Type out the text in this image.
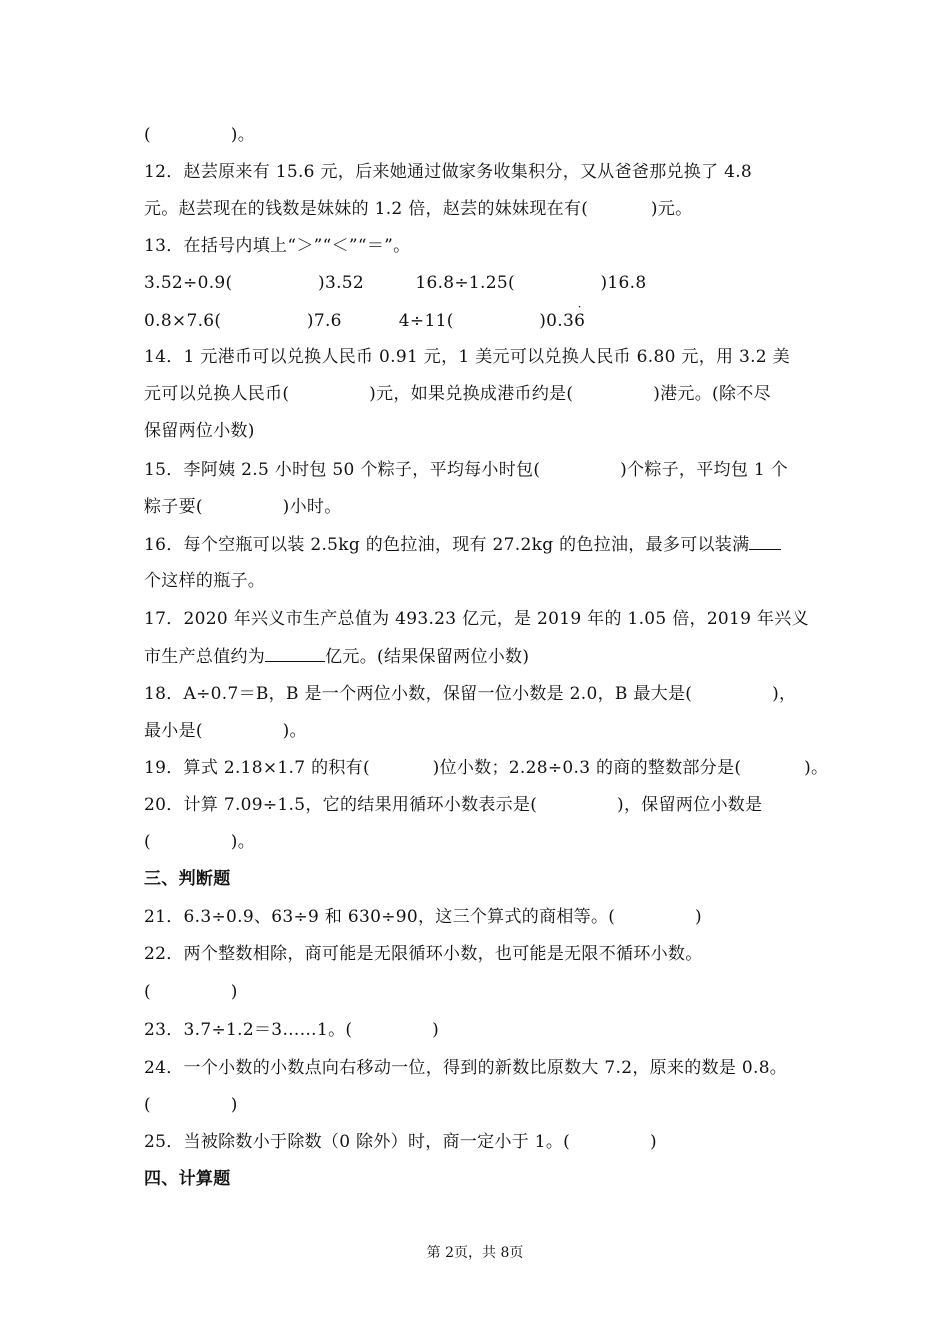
(              )。
12．赵芸原来有 15.6 元，后来她通过做家务收集积分，又从爸爸那兑换了 4.8
元。赵芸现在的钱数是妹妹的 1.2 倍，赵芸的妹妹现在有(           )元。
13．在括号内填上“＞”“＜”“＝”。
3.52÷0.9(               )3.52         16.8÷1.25(               )16.8
0.8×7.6(               )7.6          4÷11(               )0.3
·
6
14．1 元港币可以兑换人民币 0.91 元，1 美元可以兑换人民币 6.80 元，用 3.2 美
元可以兑换人民币(              )元，如果兑换成港币约是(              )港元。(除不尽
保留两位小数)
15．李阿姨 2.5 小时包 50 个粽子，平均每小时包(              )个粽子，平均包 1 个
粽子要(              )小时。
16．每个空瓶可以装 2.5kg 的色拉油，现有 27.2kg 的色拉油，最多可以装满
个这样的瓶子。
17．2020 年兴义市生产总值为 493.23 亿元，是 2019 年的 1.05 倍，2019 年兴义
市生产总值约为	亿元。(结果保留两位小数)
18．A÷0.7＝B，B 是一个两位小数，保留一位小数是 2.0，B 最大是(              )，
最小是(              )。
19．算式 2.18×1.7 的积有(           )位小数；2.28÷0.3 的商的整数部分是(           )。
20．计算 7.09÷1.5，它的结果用循环小数表示是(              )，保留两位小数是
(              )。
三、判断题
21．6.3÷0.9、63÷9 和 630÷90，这三个算式的商相等。(              )
22．两个整数相除，商可能是无限循环小数，也可能是无限不循环小数。
(              )
23．3.7÷1.2＝3……1。(              )
24．一个小数的小数点向右移动一位，得到的新数比原数大 7.2，原来的数是 0.8。
(              )
25．当被除数小于除数（0 除外）时，商一定小于 1。(              )
四、计算题
第 2页，共 8页
